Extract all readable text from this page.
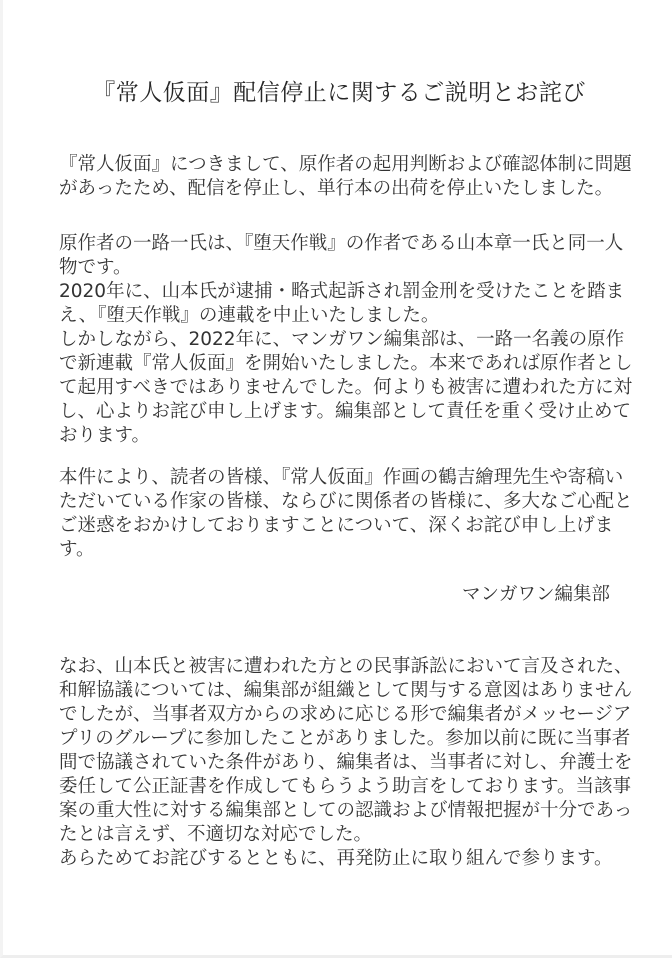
『常人仮面』配信停止に関するご説明とお詫び
『常人仮面』につきまして、原作者の起用判断および確認体制に問題
があったため、配信を停止し、単行本の出荷を停止いたしました。
原作者の一路一氏は、『堕天作戦』の作者である山本章一氏と同一人
物です。
2020年に、山本氏が逮捕・略式起訴され罰金刑を受けたことを踏ま
え、『堕天作戦』の連載を中止いたしました。
しかしながら、2022年に、マンガワン編集部は、一路一名義の原作
で新連載『常人仮面』を開始いたしました。本来であれば原作者とし
て起用すべきではありませんでした。何よりも被害に遭われた方に対
し、心よりお詫び申し上げます。編集部として責任を重く受け止めて
おります。
本件により、読者の皆様、『常人仮面』作画の鶴吉繪理先生や寄稿い
ただいている作家の皆様、ならびに関係者の皆様に、多大なご心配と
ご迷惑をおかけしておりますことについて、深くお詫び申し上げま
す。
マンガワン編集部
なお、山本氏と被害に遭われた方との民事訴訟において言及された、
和解協議については、編集部が組織として関与する意図はありません
でしたが、当事者双方からの求めに応じる形で編集者がメッセージア
プリのグループに参加したことがありました。参加以前に既に当事者
間で協議されていた条件があり、編集者は、当事者に対し、弁護士を
委任して公正証書を作成してもらうよう助言をしております。当該事
案の重大性に対する編集部としての認識および情報把握が十分であっ
たとは言えず、不適切な対応でした。
あらためてお詫びするとともに、再発防止に取り組んで参ります。
